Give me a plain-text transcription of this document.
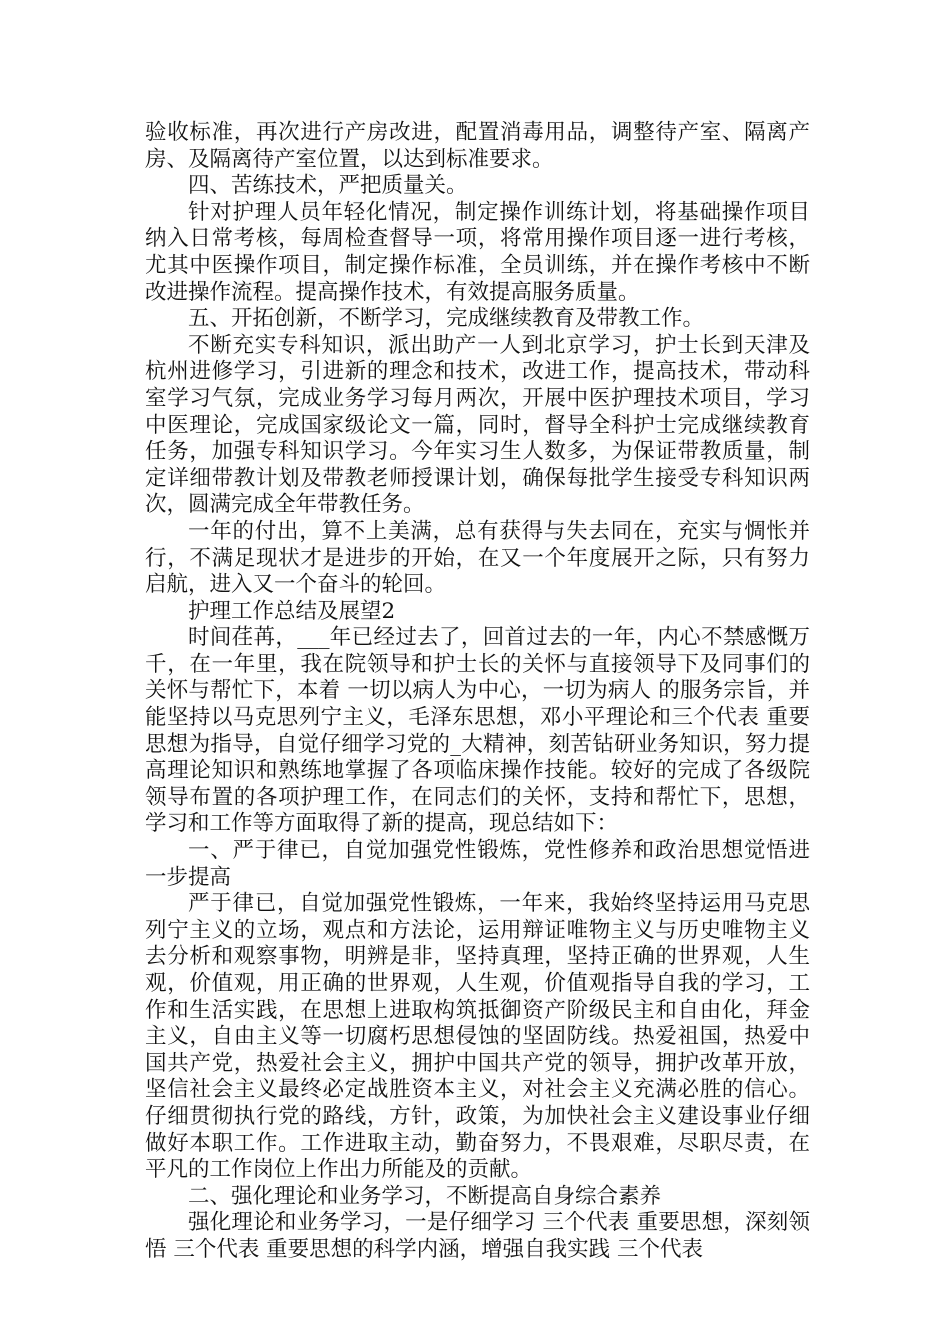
验收标准，再次进行产房改进，配置消毒用品，调整待产室、隔离产房、及隔离待产室位置，以达到标准要求。

四、苦练技术，严把质量关。

针对护理人员年轻化情况，制定操作训练计划，将基础操作项目纳入日常考核，每周检查督导一项，将常用操作项目逐一进行考核，尤其中医操作项目，制定操作标准，全员训练，并在操作考核中不断改进操作流程。提高操作技术，有效提高服务质量。

五、开拓创新，不断学习，完成继续教育及带教工作。

不断充实专科知识，派出助产一人到北京学习，护士长到天津及杭州进修学习，引进新的理念和技术，改进工作，提高技术，带动科室学习气氛，完成业务学习每月两次，开展中医护理技术项目，学习中医理论，完成国家级论文一篇，同时，督导全科护士完成继续教育任务，加强专科知识学习。今年实习生人数多，为保证带教质量，制定详细带教计划及带教老师授课计划，确保每批学生接受专科知识两次，圆满完成全年带教任务。

一年的付出，算不上美满，总有获得与失去同在，充实与惆怅并行，不满足现状才是进步的开始，在又一个年度展开之际，只有努力启航，进入又一个奋斗的轮回。

护理工作总结及展望2

时间荏苒，___年已经过去了，回首过去的一年，内心不禁感慨万千，在一年里，我在院领导和护士长的关怀与直接领导下及同事们的关怀与帮忙下，本着 一切以病人为中心，一切为病人 的服务宗旨，并能坚持以马克思列宁主义，毛泽东思想，邓小平理论和三个代表 重要思想为指导，自觉仔细学习党的_大精神，刻苦钻研业务知识，努力提高理论知识和熟练地掌握了各项临床操作技能。较好的完成了各级院领导布置的各项护理工作，在同志们的关怀，支持和帮忙下，思想，学习和工作等方面取得了新的提高，现总结如下：

一、严于律已，自觉加强党性锻炼，党性修养和政治思想觉悟进一步提高

严于律已，自觉加强党性锻炼，一年来，我始终坚持运用马克思列宁主义的立场，观点和方法论，运用辩证唯物主义与历史唯物主义去分析和观察事物，明辨是非，坚持真理，坚持正确的世界观，人生观，价值观，用正确的世界观，人生观，价值观指导自我的学习，工作和生活实践，在思想上进取构筑抵御资产阶级民主和自由化，拜金主义，自由主义等一切腐朽思想侵蚀的坚固防线。热爱祖国，热爱中国共产党，热爱社会主义，拥护中国共产党的领导，拥护改革开放，坚信社会主义最终必定战胜资本主义，对社会主义充满必胜的信心。仔细贯彻执行党的路线，方针，政策，为加快社会主义建设事业仔细做好本职工作。工作进取主动，勤奋努力，不畏艰难，尽职尽责，在平凡的工作岗位上作出力所能及的贡献。

二、强化理论和业务学习，不断提高自身综合素养

强化理论和业务学习，一是仔细学习 三个代表 重要思想，深刻领悟 三个代表 重要思想的科学内涵，增强自我实践 三个代表
